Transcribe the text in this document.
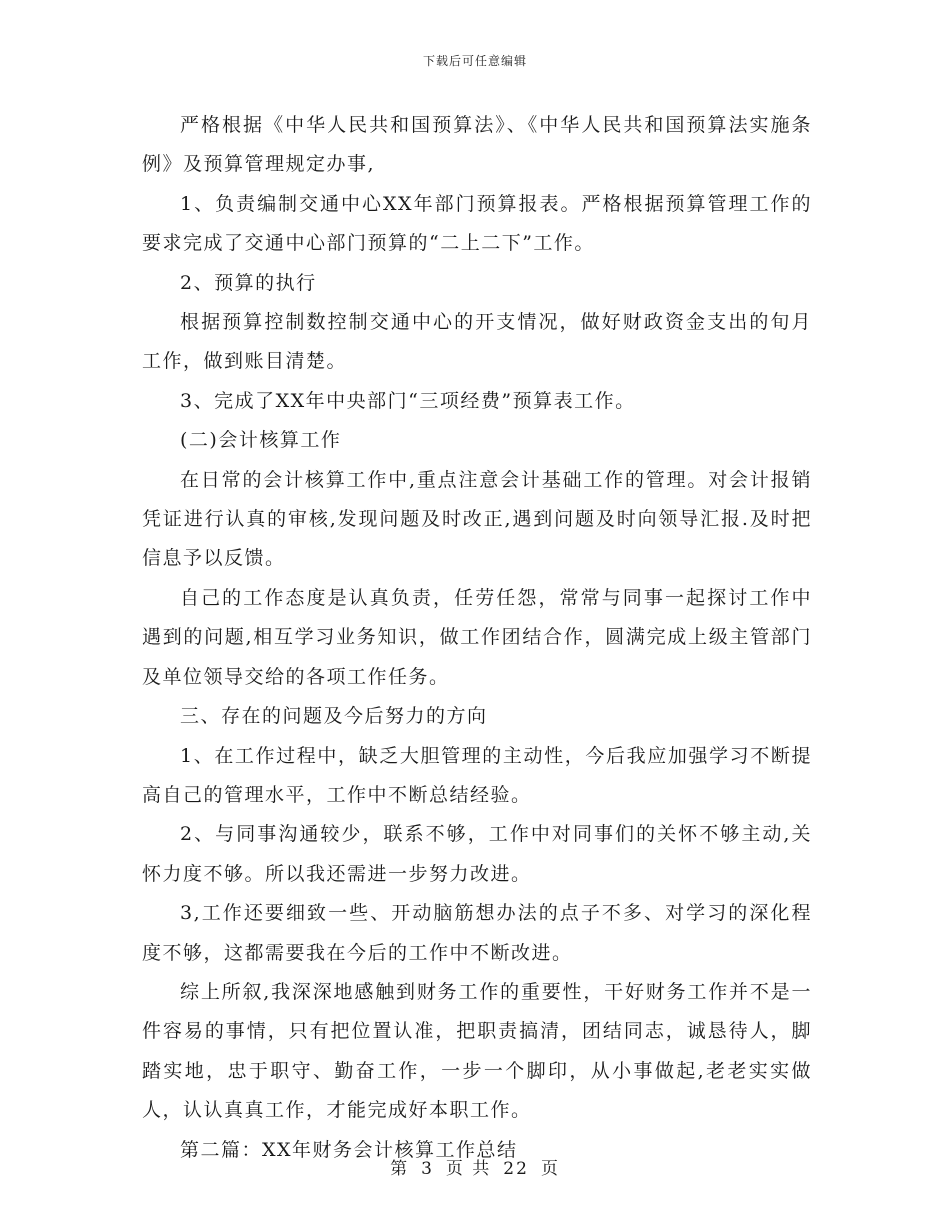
下载后可任意编辑

严格根据《中华人民共和国预算法》、《中华人民共和国预算法实施条例》及预算管理规定办事,

1、负责编制交通中心XX年部门预算报表。严格根据预算管理工作的要求完成了交通中心部门预算的“二上二下”工作。

2、预算的执行

根据预算控制数控制交通中心的开支情况，做好财政资金支出的旬月工作，做到账目清楚。

3、完成了XX年中央部门“三项经费”预算表工作。

(二)会计核算工作

在日常的会计核算工作中,重点注意会计基础工作的管理。对会计报销凭证进行认真的审核,发现问题及时改正,遇到问题及时向领导汇报.及时把信息予以反馈。

自己的工作态度是认真负责，任劳任怨，常常与同事一起探讨工作中遇到的问题,相互学习业务知识，做工作团结合作，圆满完成上级主管部门及单位领导交给的各项工作任务。

三、存在的问题及今后努力的方向

1、在工作过程中，缺乏大胆管理的主动性，今后我应加强学习不断提高自己的管理水平，工作中不断总结经验。

2、与同事沟通较少，联系不够，工作中对同事们的关怀不够主动,关怀力度不够。所以我还需进一步努力改进。

3,工作还要细致一些、开动脑筋想办法的点子不多、对学习的深化程度不够，这都需要我在今后的工作中不断改进。

综上所叙,我深深地感触到财务工作的重要性，干好财务工作并不是一件容易的事情，只有把位置认准，把职责搞清，团结同志，诚恳待人，脚踏实地，忠于职守、勤奋工作，一步一个脚印，从小事做起,老老实实做人，认认真真工作，才能完成好本职工作。

第二篇：XX年财务会计核算工作总结

第 3 页 共 22 页
